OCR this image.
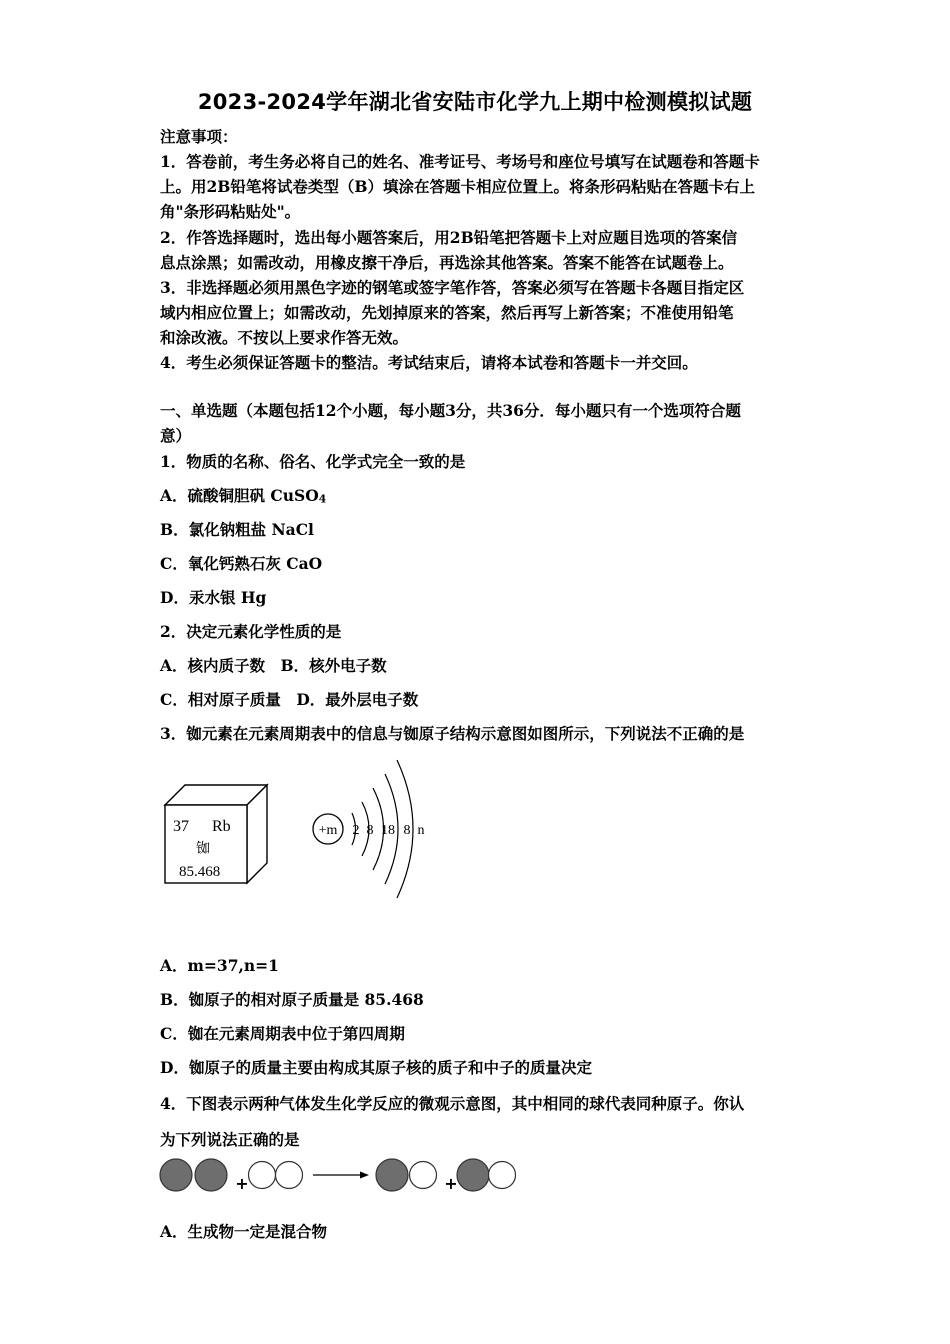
2023-2024学年湖北省安陆市化学九上期中检测模拟试题
注意事项：
1．答卷前，考生务必将自己的姓名、准考证号、考场号和座位号填写在试题卷和答题卡
上。用2B铅笔将试卷类型（B）填涂在答题卡相应位置上。将条形码粘贴在答题卡右上
角"条形码粘贴处"。
2．作答选择题时，选出每小题答案后，用2B铅笔把答题卡上对应题目选项的答案信
息点涂黑；如需改动，用橡皮擦干净后，再选涂其他答案。答案不能答在试题卷上。
3．非选择题必须用黑色字迹的钢笔或签字笔作答，答案必须写在答题卡各题目指定区
域内相应位置上；如需改动，先划掉原来的答案，然后再写上新答案；不准使用铅笔
和涂改液。不按以上要求作答无效。
4．考生必须保证答题卡的整洁。考试结束后，请将本试卷和答题卡一并交回。
一、单选题（本题包括12个小题，每小题3分，共36分．每小题只有一个选项符合题
意）
1．物质的名称、俗名、化学式完全一致的是
A．硫酸铜胆矾 CuSO$_4$
B．氯化钠粗盐 NaCl
C．氧化钙熟石灰 CaO
D．汞水银 Hg
2．决定元素化学性质的是
A．核内质子数　B．核外电子数
C．相对原子质量　D．最外层电子数
3．铷元素在元素周期表中的信息与铷原子结构示意图如图所示，下列说法不正确的是
37 Rb
铷
85.468
+m 2 8 18 8 n
A．m=37,n=1
B．铷原子的相对原子质量是 85.468
C．铷在元素周期表中位于第四周期
D．铷原子的质量主要由构成其原子核的质子和中子的质量决定
4．下图表示两种气体发生化学反应的微观示意图，其中相同的球代表同种原子。你认
为下列说法正确的是
+	+
A．生成物一定是混合物
